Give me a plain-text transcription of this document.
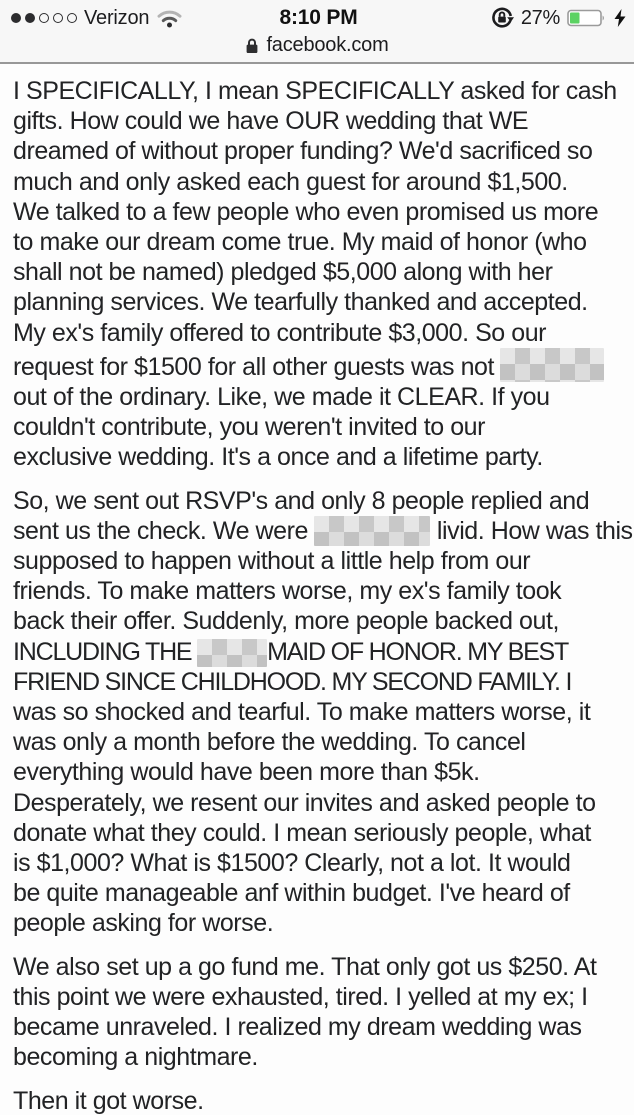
Verizon	8:10 PM	27%
facebook.com
I SPECIFICALLY, I mean SPECIFICALLY asked for cash
gifts. How could we have OUR wedding that WE
dreamed of without proper funding? We'd sacrificed so
much and only asked each guest for around $1,500.
We talked to a few people who even promised us more
to make our dream come true. My maid of honor (who
shall not be named) pledged $5,000 along with her
planning services. We tearfully thanked and accepted.
My ex's family offered to contribute $3,000. So our
request for $1500 for all other guests was not
out of the ordinary. Like, we made it CLEAR. If you
couldn't contribute, you weren't invited to our
exclusive wedding. It's a once and a lifetime party.
So, we sent out RSVP's and only 8 people replied and
sent us the check. We were	livid. How was this
supposed to happen without a little help from our
friends. To make matters worse, my ex's family took
back their offer. Suddenly, more people backed out,
INCLUDING THE	MAID OF HONOR. MY BEST
FRIEND SINCE CHILDHOOD. MY SECOND FAMILY. I
was so shocked and tearful. To make matters worse, it
was only a month before the wedding. To cancel
everything would have been more than $5k.
Desperately, we resent our invites and asked people to
donate what they could. I mean seriously people, what
is $1,000? What is $1500? Clearly, not a lot. It would
be quite manageable anf within budget. I've heard of
people asking for worse.
We also set up a go fund me. That only got us $250. At
this point we were exhausted, tired. I yelled at my ex; I
became unraveled. I realized my dream wedding was
becoming a nightmare.
Then it got worse.
